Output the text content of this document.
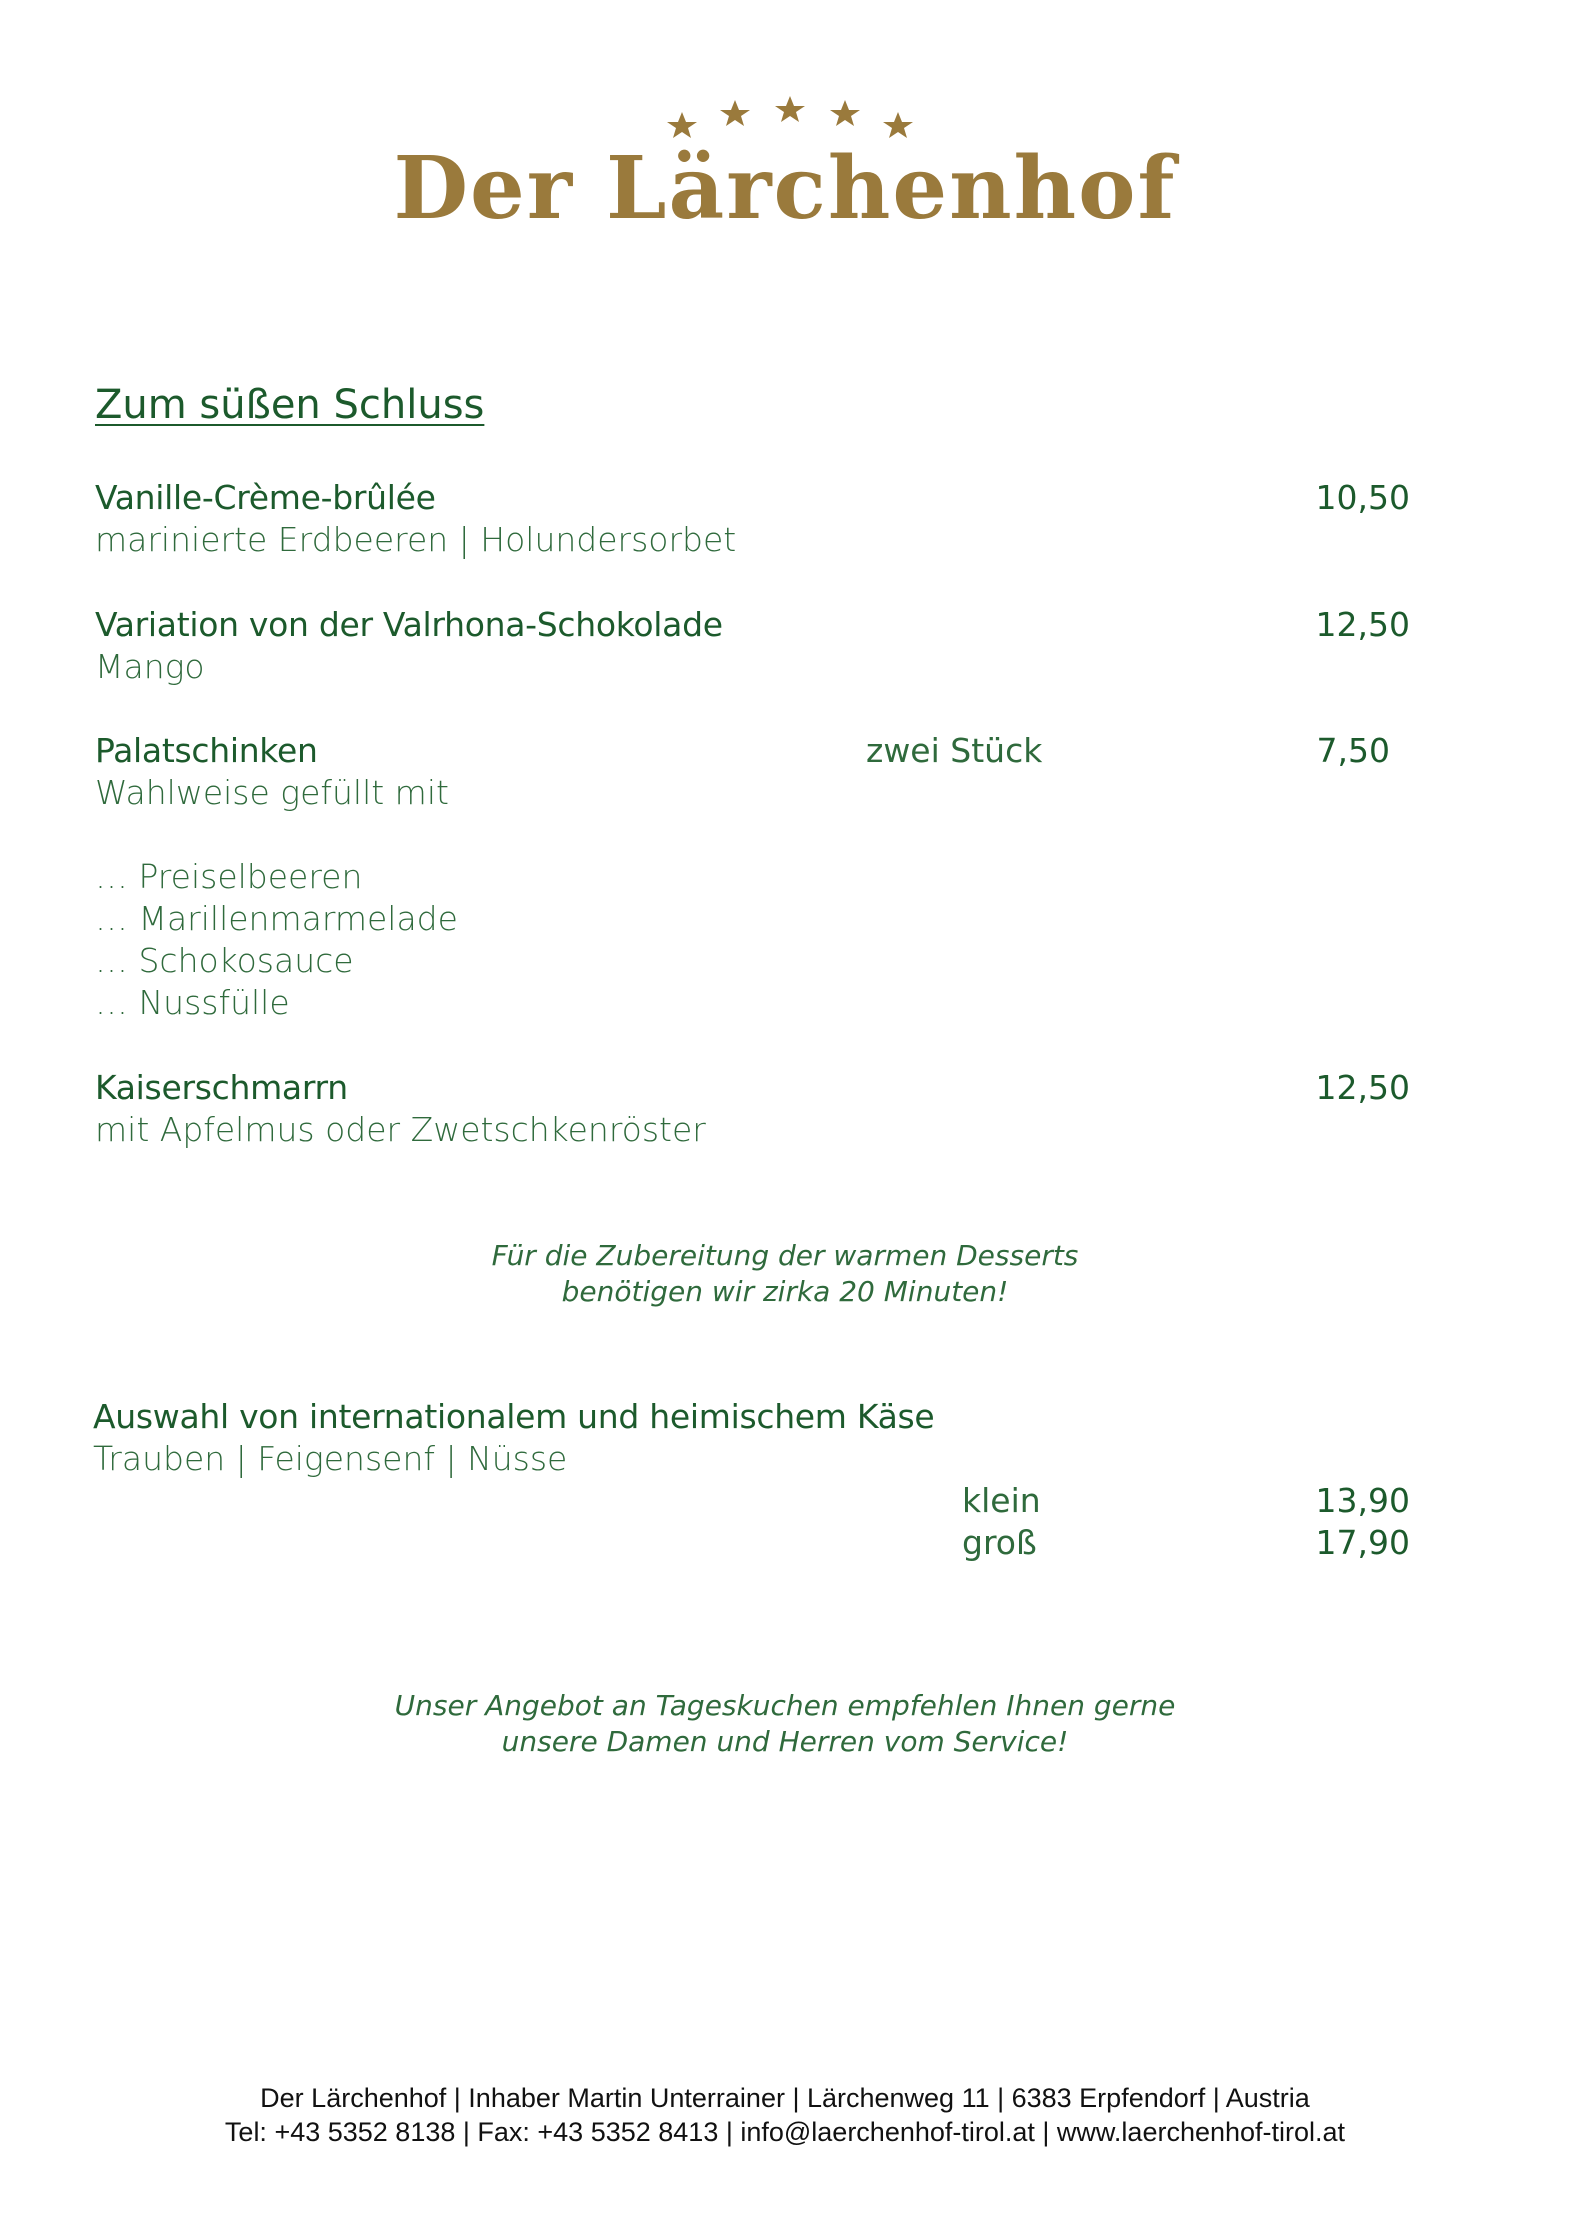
Der Lärchenhof
Zum süßen Schluss
Vanille-Crème-brûlée	10,50
marinierte Erdbeeren | Holundersorbet
Variation von der Valrhona-Schokolade	12,50
Mango
Palatschinken	zwei Stück	7,50
Wahlweise gefüllt mit
… Preiselbeeren
… Marillenmarmelade
… Schokosauce
… Nussfülle
Kaiserschmarrn	12,50
mit Apfelmus oder Zwetschkenröster
Für die Zubereitung der warmen Desserts
benötigen wir zirka 20 Minuten!
Auswahl von internationalem und heimischem Käse
Trauben | Feigensenf | Nüsse
klein	13,90
groß	17,90
Unser Angebot an Tageskuchen empfehlen Ihnen gerne
unsere Damen und Herren vom Service!
Der Lärchenhof | Inhaber Martin Unterrainer | Lärchenweg 11 | 6383 Erpfendorf | Austria
Tel: +43 5352 8138 | Fax: +43 5352 8413 | info@laerchenhof-tirol.at | www.laerchenhof-tirol.at
